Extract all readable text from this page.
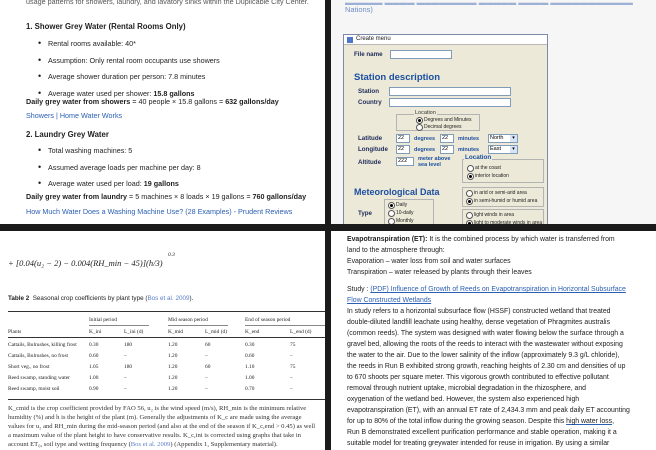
usage patterns for showers, laundry, and lavatory sinks within the Duplicable City Center.
1. Shower Grey Water (Rental Rooms Only)
• Rental rooms available: 40*
• Assumption: Only rental room occupants use showers
• Average shower duration per person: 7.8 minutes
• Average water used per shower: 15.8 gallons
Daily grey water from showers = 40 people × 15.8 gallons = 632 gallons/day
Showers | Home Water Works
2. Laundry Grey Water
• Total washing machines: 5
• Assumed average loads per machine per day: 8
• Average water used per load: 19 gallons
Daily grey water from laundry = 5 machines × 8 loads × 19 gallons = 760 gallons/day
How Much Water Does a Washing Machine Use? (28 Examples) - Prudent Reviews
▬▬▬▬▬ ▬▬▬▬ ▬▬▬▬▬▬▬▬ ▬▬▬▬▬ ▬▬▬▬ ▬▬▬▬▬▬▬▬▬▬▬
Nations)
Create menu
File name
Station description
Station
Country
Location
Degrees and Minutes
Decimal degrees
Latitude	22	degrees	22	minutes	North	▾
Longitude	22	degrees	22	minutes	East	▾
Altitude	222	meter above sea level
Location
at the coast
interior location
Meteorological Data
Type
Daily
10-daily
Monthly
in arid or semi-arid area
in semi-humid or humid area
light winds in area
light to moderate winds in area
+ [0.04(u₂ − 2) − 0.004(RH_min − 45)](h/3)
0.3
Table 2 Seasonal crop coefficients by plant type (Bos et al. 2009).
Initial period	Mid season period	End of season period
Plants	K_ini	L_ini (d)	K_mid	L_mid (d)	K_end	L_end (d)
Cattails, Bulrushes, killing frost 0.30	180	1.20	60	0.30	75
Cattails, Bulrushes, no frost	0.60	–	1.20	–	0.60	–
Short veg., no frost	1.05	180	1.20	60	1.10	75
Reed swamp, standing water	1.00	–	1.20	–	1.00	–
Reed swamp, moist soil	0.90	–	1.20	–	0.70	–
K_cmid is the crop coefficient provided by FAO 56, u₂ is the wind speed (m/s), RH_min is the minimum relative
humidity (%) and h is the height of the plant (m). Generally the adjustments of K_c are made using the average
values for u₂ and RH_min during the mid-season period (and also at the end of the season if K_c,end > 0.45) as well
a maximum value of the plant height to have conservative results. K_c,ini is corrected using graphs that take in
account ET₀, soil type and wetting frequency (Bos et al. 2009) (Appendix 1, Supplementary material).
Evapotranspiration (ET): It is the combined process by which water is transferred from
land to the atmosphere through:
Evaporation – water loss from soil and water surfaces
Transpiration – water released by plants through their leaves
Study : (PDF) Influence of Growth of Reeds on Evapotranspiration in Horizontal Subsurface
Flow Constructed Wetlands
In study refers to a horizontal subsurface flow (HSSF) constructed wetland that treated
double-diluted landfill leachate using healthy, dense vegetation of Phragmites australis
(common reeds). The system was designed with water flowing below the surface through a
gravel bed, allowing the roots of the reeds to interact with the wastewater without exposing
the water to the air. Due to the lower salinity of the inflow (approximately 9.3 g/L chloride),
the reeds in Run B exhibited strong growth, reaching heights of 2.30 cm and densities of up
to 670 shoots per square meter. This vigorous growth contributed to effective pollutant
removal through nutrient uptake, microbial degradation in the rhizosphere, and
oxygenation of the wetland bed. However, the system also experienced high
evapotranspiration (ET), with an annual ET rate of 2,434.3 mm and peak daily ET accounting
for up to 80% of the total inflow during the growing season. Despite this high water loss,
Run B demonstrated excellent purification performance and stable operation, making it a
suitable model for treating greywater intended for reuse in irrigation. By using a similar
